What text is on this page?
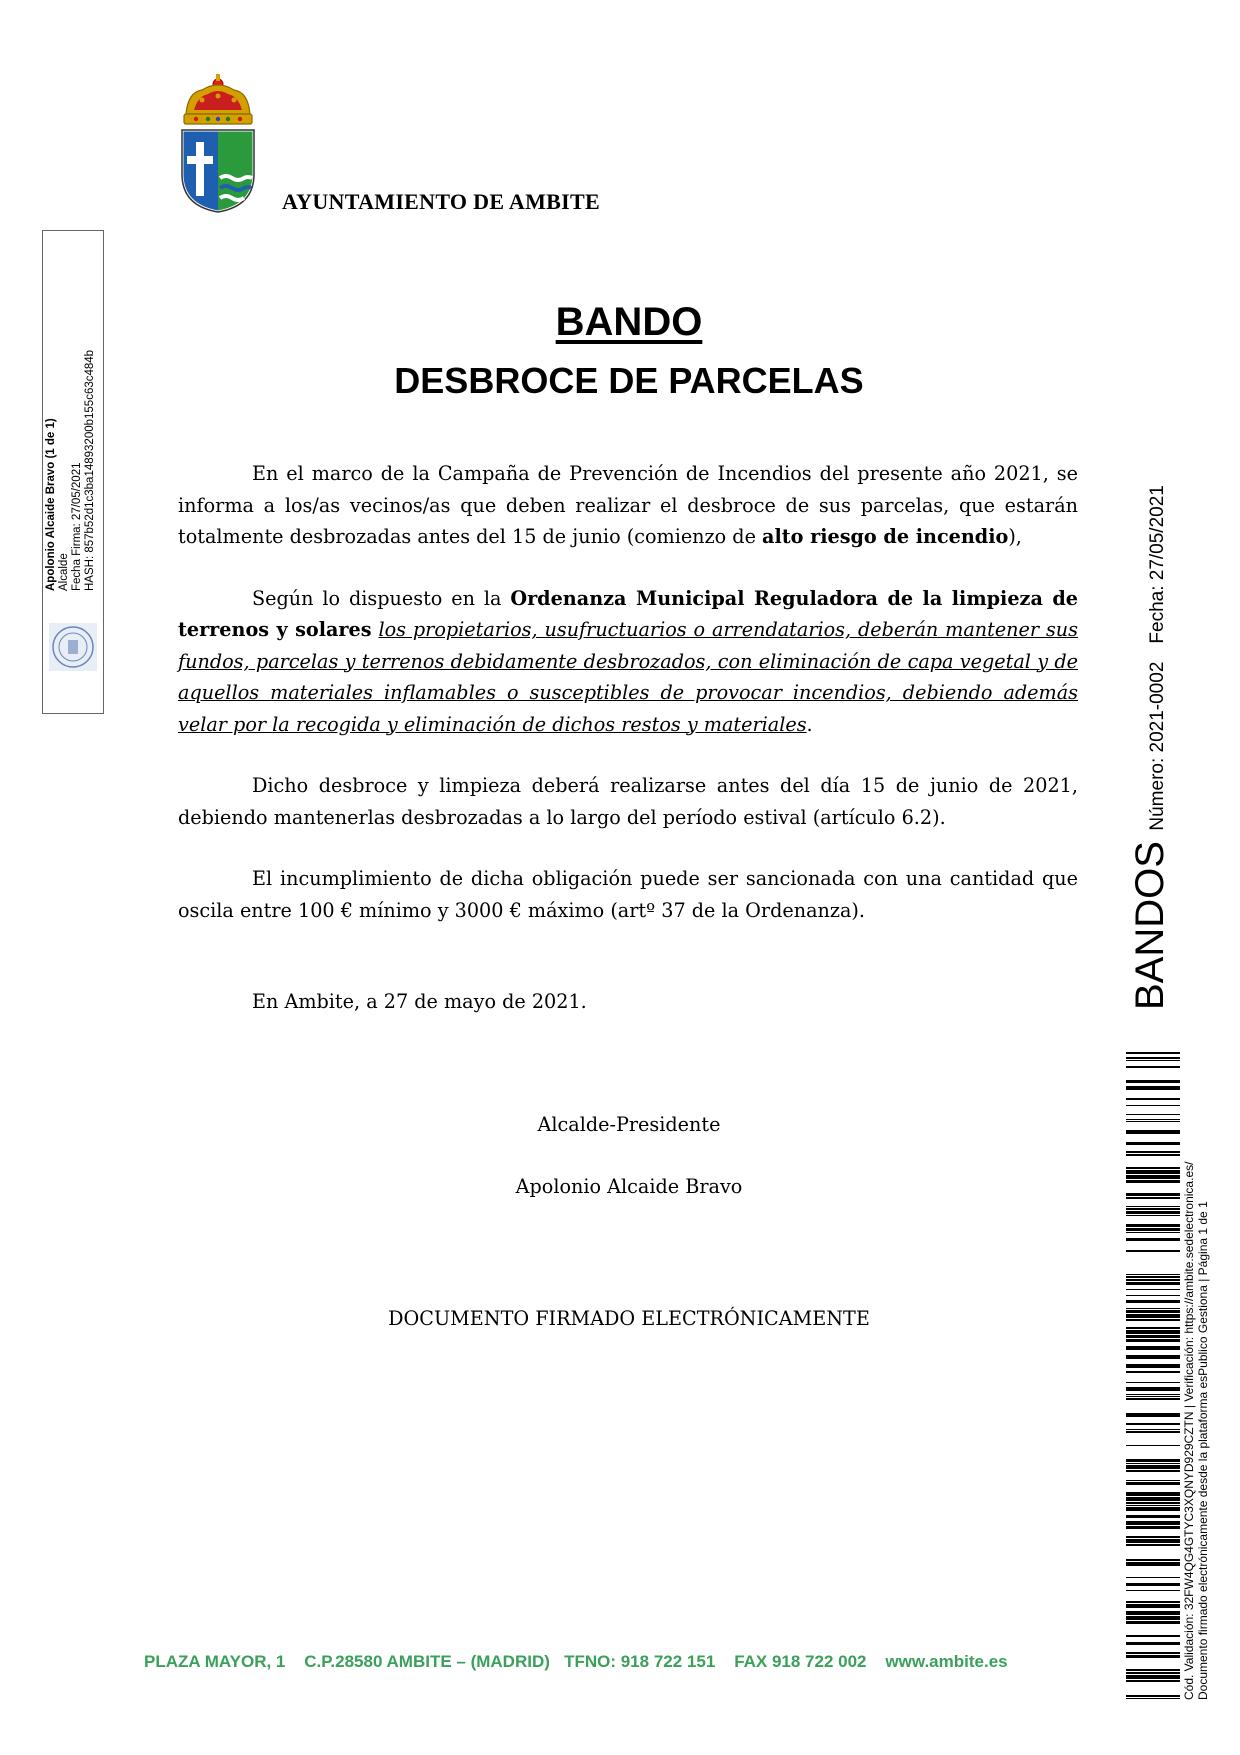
AYUNTAMIENTO DE AMBITE
BANDO
DESBROCE DE PARCELAS

En el marco de la Campaña de Prevención de Incendios del presente año 2021, se informa a los/as vecinos/as que deben realizar el desbroce de sus parcelas, que estarán totalmente desbrozadas antes del 15 de junio (comienzo de alto riesgo de incendio),

Según lo dispuesto en la Ordenanza Municipal Reguladora de la limpieza de terrenos y solares los propietarios, usufructuarios o arrendatarios, deberán mantener sus fundos, parcelas y terrenos debidamente desbrozados, con eliminación de capa vegetal y de aquellos materiales inflamables o susceptibles de provocar incendios, debiendo además velar por la recogida y eliminación de dichos restos y materiales.

Dicho desbroce y limpieza deberá realizarse antes del día 15 de junio de 2021, debiendo mantenerlas desbrozadas a lo largo del período estival (artículo 6.2).

El incumplimiento de dicha obligación puede ser sancionada con una cantidad que oscila entre 100 € mínimo y 3000 € máximo (artº 37 de la Ordenanza).

En Ambite, a 27 de mayo de 2021.
Alcalde-Presidente
Apolonio Alcaide Bravo
DOCUMENTO FIRMADO ELECTRÓNICAMENTE
PLAZA MAYOR, 1 C.P.28580 AMBITE – (MADRID) TFNO: 918 722 151 FAX 918 722 002 www.ambite.es
Apolonio Alcaide Bravo (1 de 1) Alcalde Fecha Firma: 27/05/2021 HASH: 857b52d1c3ba14893200b155c63c484b
BANDOS Número: 2021-0002Fecha: 27/05/2021
Cód. Validación: 32FW4QG4GTYC3XQNYD929CZTN | Verificación: https://ambite.sedelectronica.es/ Documento firmado electrónicamente desde la plataforma esPublico Gestiona | Página 1 de 1
